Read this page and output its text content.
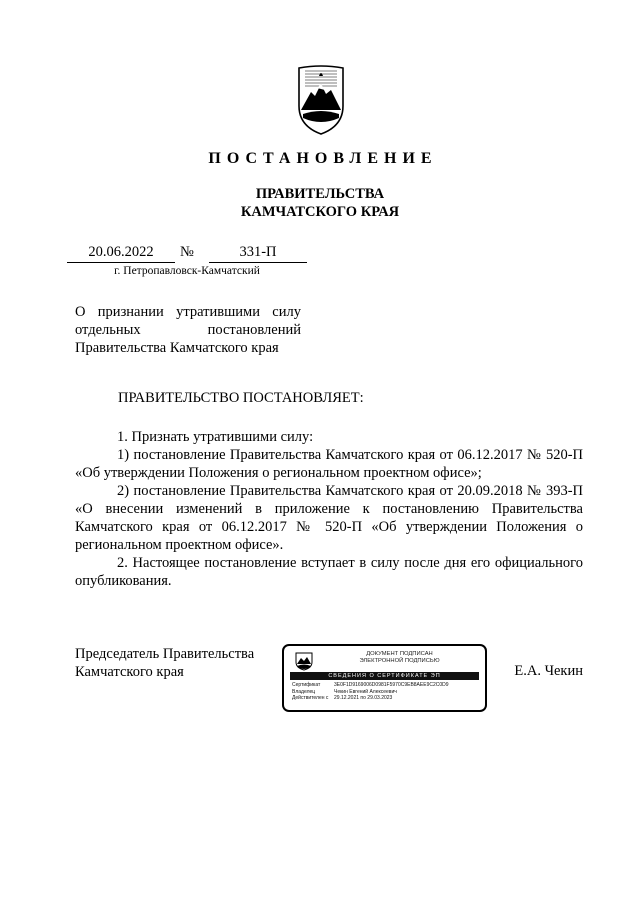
ПОСТАНОВЛЕНИЕ
ПРАВИТЕЛЬСТВА
КАМЧАТСКОГО КРАЯ
20.06.2022	№	331-П
г. Петропавловск-Камчатский
О признании утратившими силу
отдельных постановлений
Правительства Камчатского края
ПРАВИТЕЛЬСТВО ПОСТАНОВЛЯЕТ:

1. Признать утратившими силу:

1) постановление Правительства Камчатского края от 06.12.2017 № 520-П «Об утверждении Положения о региональном проектном офисе»;

2) постановление Правительства Камчатского края от 20.09.2018 № 393-П «О внесении изменений в приложение к постановлению Правительства Камчатского края от 06.12.2017 № 520-П «Об утверждении Положения о региональном проектном офисе».

2. Настоящее постановление вступает в силу после дня его официального опубликования.

Председатель Правительства
Камчатского края
ДОКУМЕНТ ПОДПИСАН
ЭЛЕКТРОННОЙ ПОДПИСЬЮ
СВЕДЕНИЯ О СЕРТИФИКАТЕ ЭП
Сертификат	3E0F1D9169006D0981F5970C9EB8AEE9C2C0D9
Владелец	Чекин Евгений Алексеевич
Действителен с	29.12.2021 по 29.03.2023
Е.А. Чекин
